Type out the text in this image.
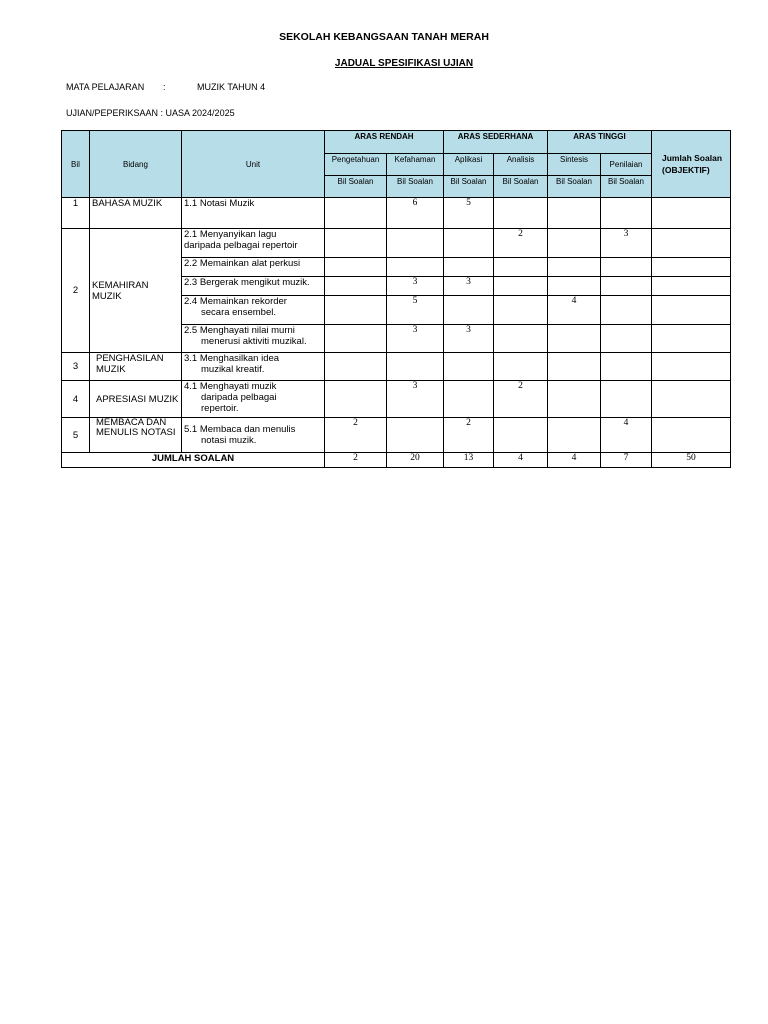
SEKOLAH KEBANGSAAN TANAH MERAH
JADUAL SPESIFIKASI UJIAN
MATA PELAJARAN :	MUZIK TAHUN 4
UJIAN/PEPERIKSAAN : UASA 2024/2025
Bil	Bidang	Unit	ARAS RENDAH		ARAS SEDERHANA		ARAS TINGGI		Jumlah Soalan (OBJEKTIF)
			Pengetahuan	Kefahaman	Aplikasi	Analisis	Sintesis	Penilaian	
			Bil Soalan	Bil Soalan	Bil Soalan	Bil Soalan	Bil Soalan	Bil Soalan	
1	BAHASA MUZIK	1.1 Notasi Muzik		6	5				
2	KEMAHIRAN MUZIK	2.1 Menyanyikan lagu
daripada pelbagai repertoir				2		3	

		2.2 Memainkan alat perkusi							

		2.3 Bergerak mengikut muzik.		3	3				

		2.4 Memainkan rekorder
secara ensembel.		5			4		

		2.5 Menghayati nilai murni
menerusi aktiviti muzikal.		3	3				
3	PENGHASILAN MUZIK	3.1 Menghasilkan idea
muzikal kreatif.							

4	APRESIASI MUZIK	4.1 Menghayati muzik
daripada pelbagai
repertoir.		3		2			
5	MEMBACA DAN MENULIS NOTASI	5.1 Membaca dan menulis
notasi muzik.	2		2			4	
JUMLAH SOALAN			2	20	13	4	4	7	50
